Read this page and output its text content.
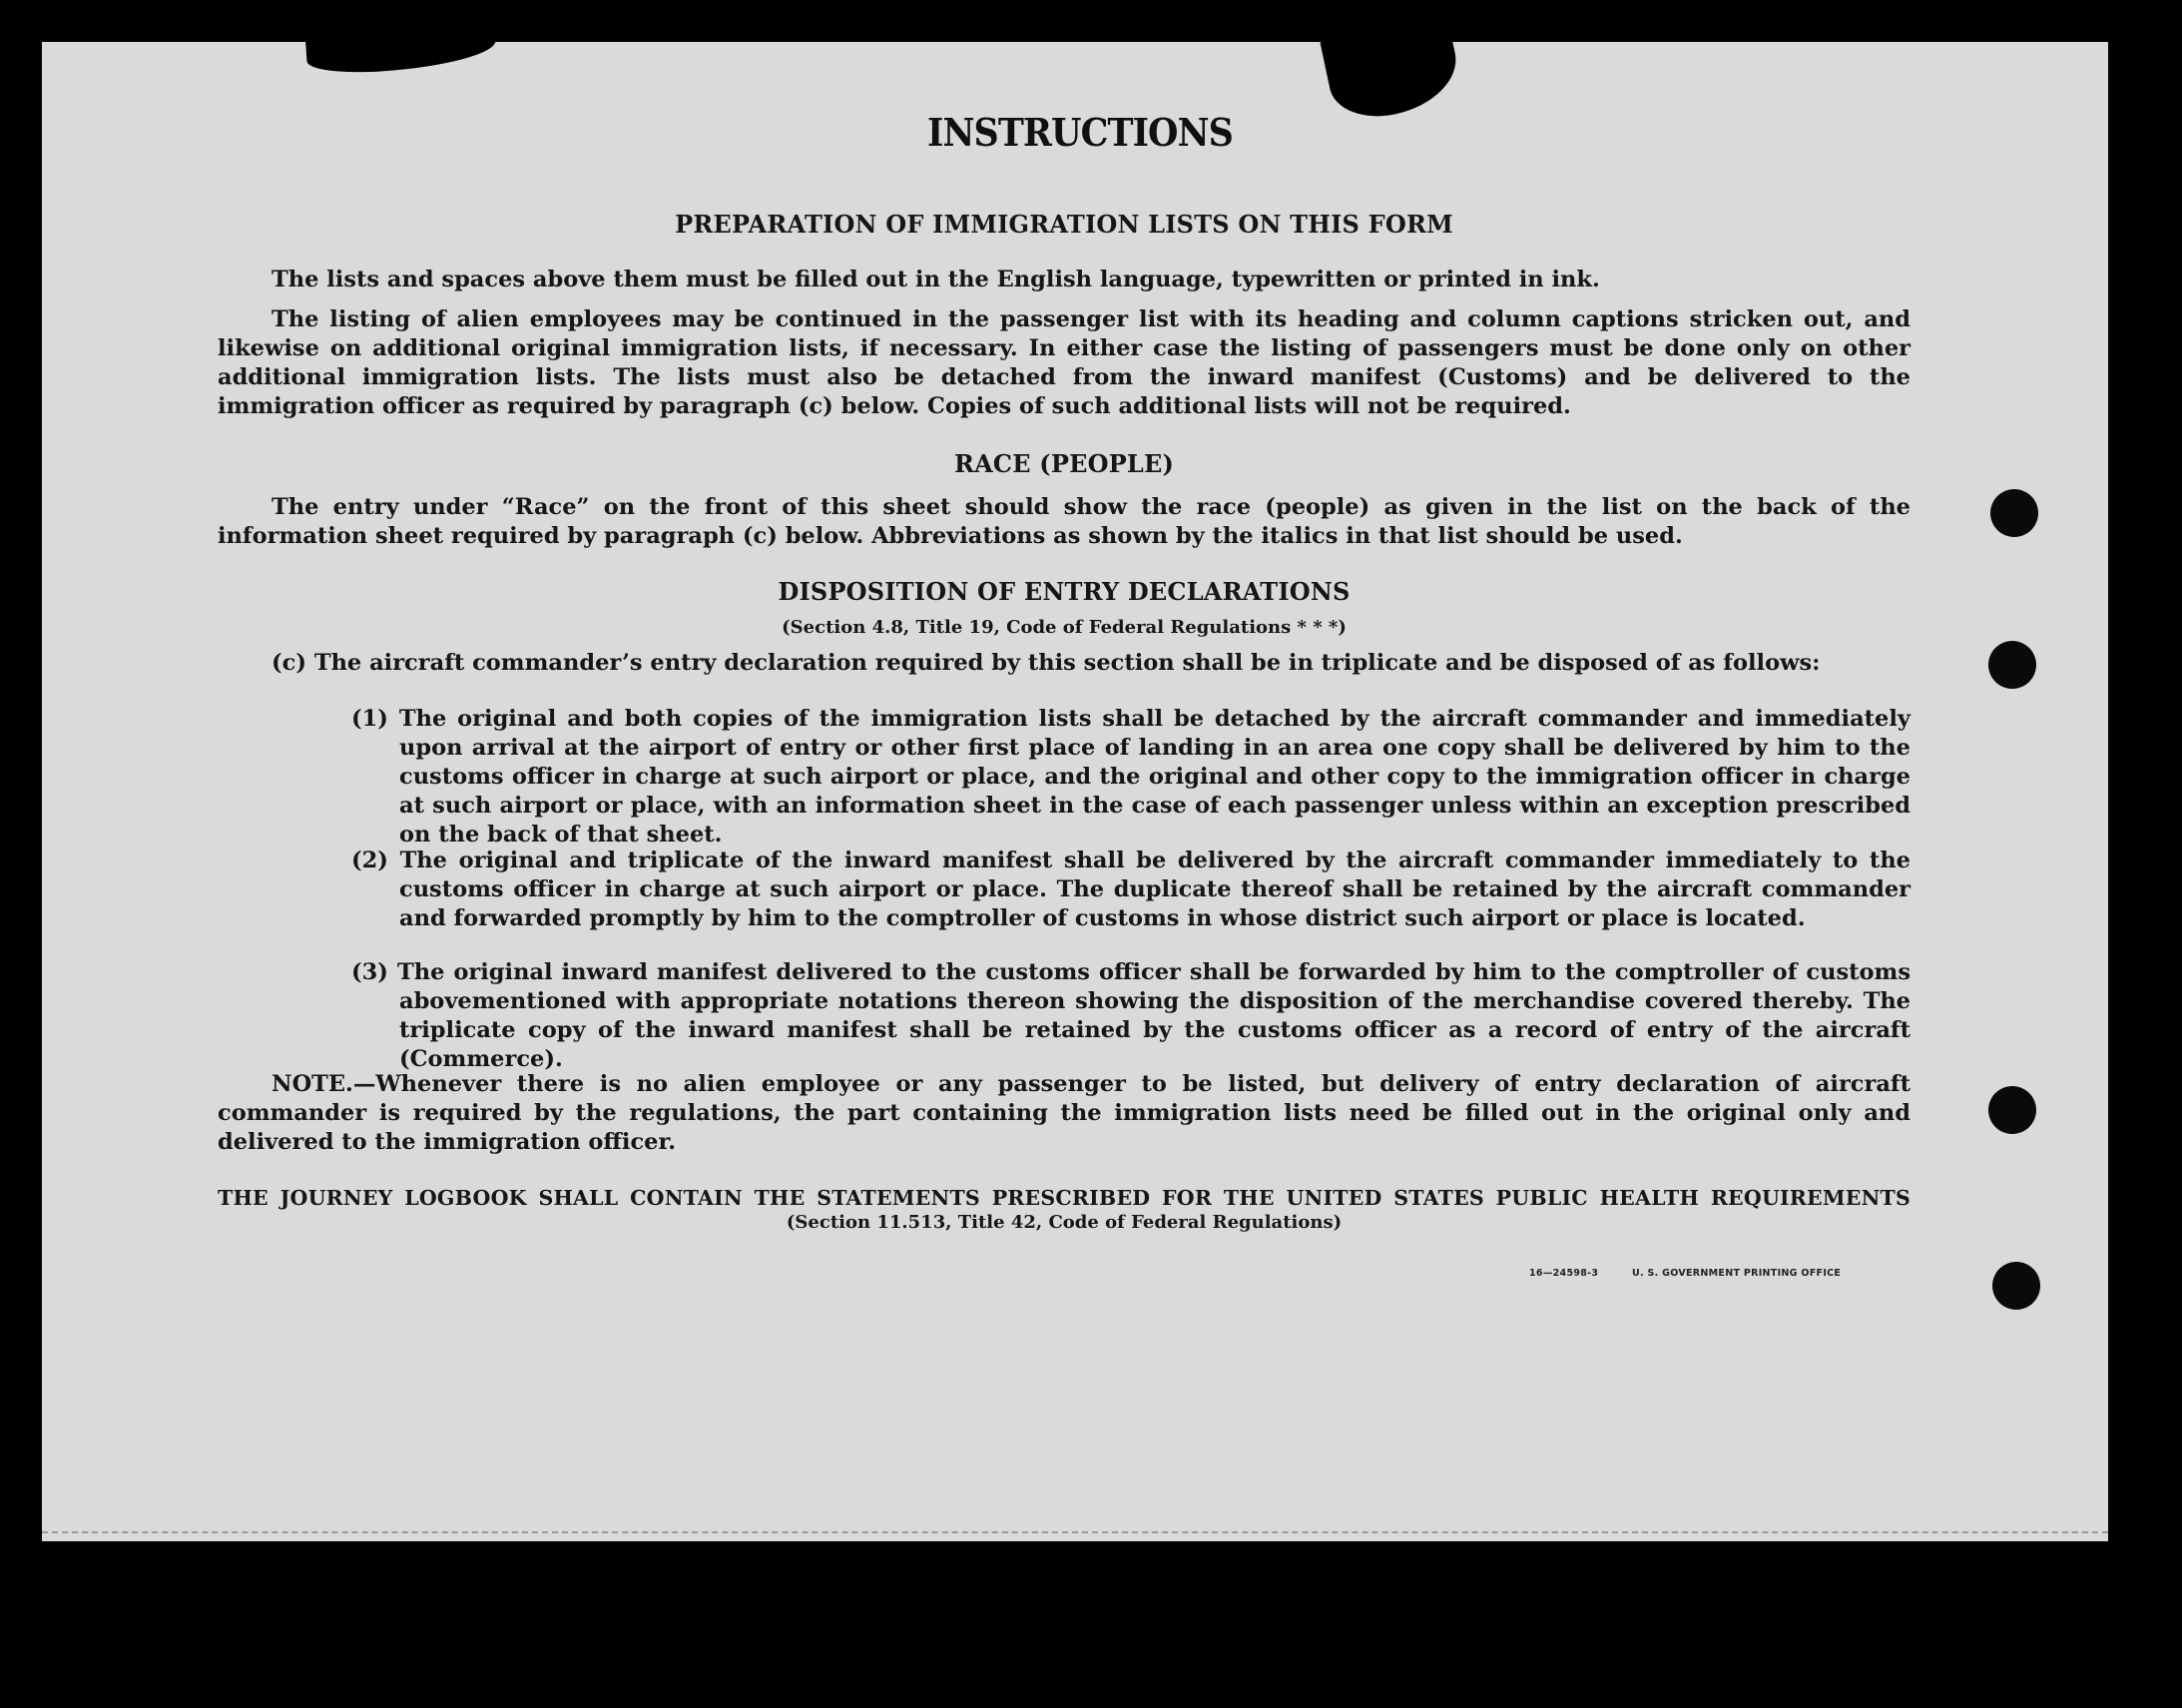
INSTRUCTIONS

PREPARATION OF IMMIGRATION LISTS ON THIS FORM

The lists and spaces above them must be filled out in the English language, typewritten or printed in ink.

The listing of alien employees may be continued in the passenger list with its heading and column captions stricken out, and likewise on additional original immigration lists, if necessary. In either case the listing of passengers must be done only on other additional immigration lists. The lists must also be detached from the inward manifest (Customs) and be delivered to the immigration officer as required by paragraph (c) below. Copies of such additional lists will not be required.

RACE (PEOPLE)

The entry under “Race” on the front of this sheet should show the race (people) as given in the list on the back of the information sheet required by paragraph (c) below. Abbreviations as shown by the italics in that list should be used.

DISPOSITION OF ENTRY DECLARATIONS

(Section 4.8, Title 19, Code of Federal Regulations * * *)

(c) The aircraft commander’s entry declaration required by this section shall be in triplicate and be disposed of as follows:

(1) The original and both copies of the immigration lists shall be detached by the aircraft commander and immediately upon arrival at the airport of entry or other first place of landing in an area one copy shall be delivered by him to the customs officer in charge at such airport or place, and the original and other copy to the immigration officer in charge at such airport or place, with an information sheet in the case of each passenger unless within an exception prescribed on the back of that sheet.

(2) The original and triplicate of the inward manifest shall be delivered by the aircraft commander immediately to the customs officer in charge at such airport or place. The duplicate thereof shall be retained by the aircraft commander and forwarded promptly by him to the comptroller of customs in whose district such airport or place is located.

(3) The original inward manifest delivered to the customs officer shall be forwarded by him to the comptroller of customs abovementioned with appropriate notations thereon showing the disposition of the merchandise covered thereby. The triplicate copy of the inward manifest shall be retained by the customs officer as a record of entry of the aircraft (Commerce).

NOTE.—Whenever there is no alien employee or any passenger to be listed, but delivery of entry declaration of aircraft commander is required by the regulations, the part containing the immigration lists need be filled out in the original only and delivered to the immigration officer.

THE JOURNEY LOGBOOK SHALL CONTAIN THE STATEMENTS PRESCRIBED FOR THE UNITED STATES PUBLIC HEALTH REQUIREMENTS

(Section 11.513, Title 42, Code of Federal Regulations)

16—24598-3	U. S. GOVERNMENT PRINTING OFFICE
